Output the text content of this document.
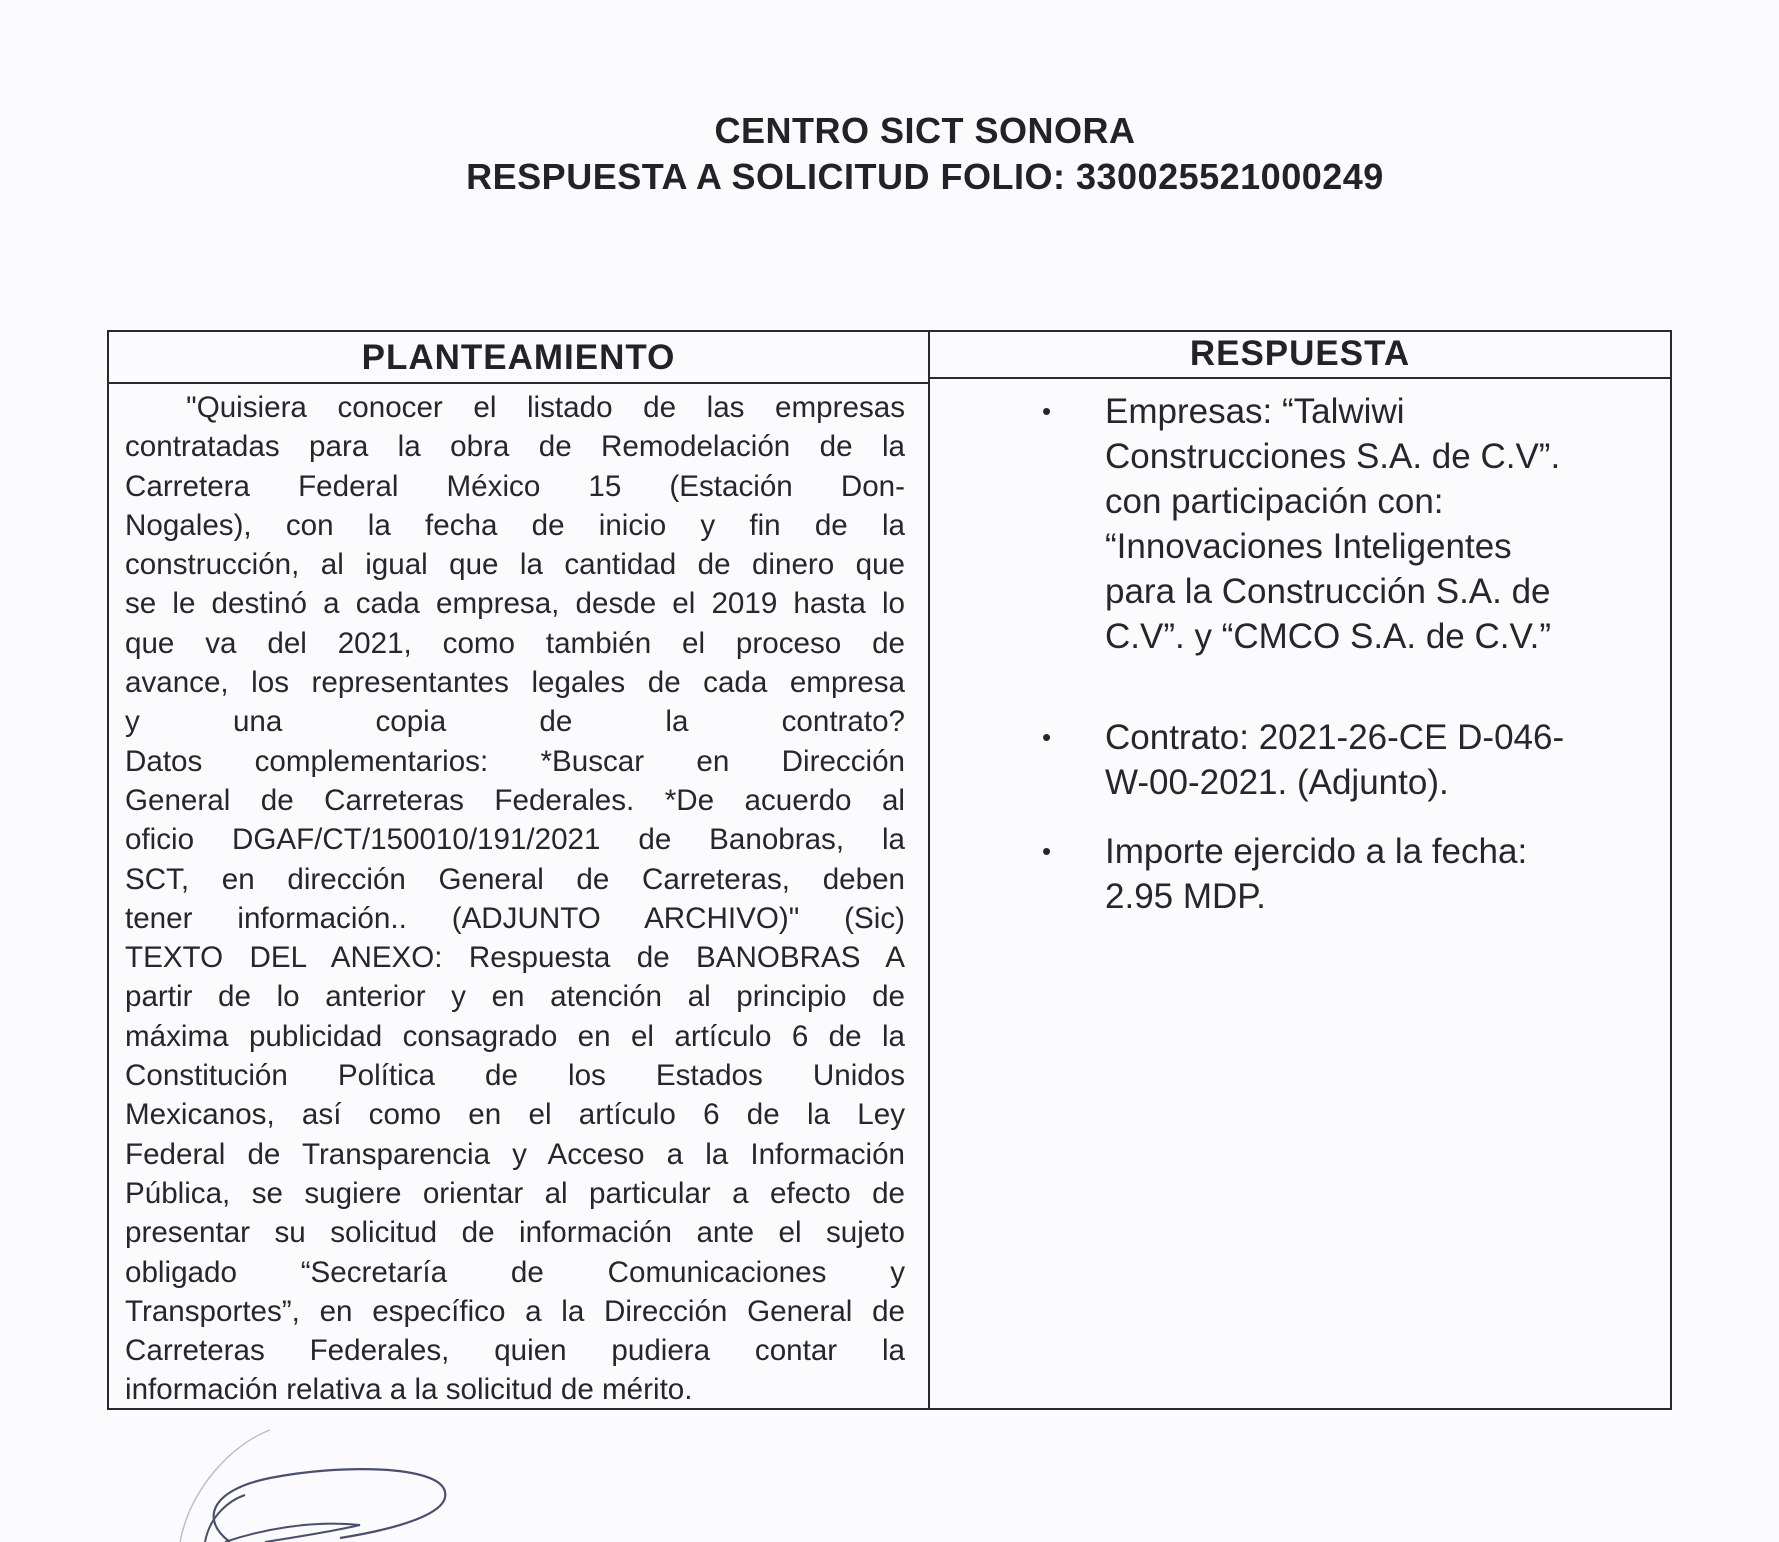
CENTRO SICT SONORA
RESPUESTA A SOLICITUD FOLIO: 330025521000249
PLANTEAMIENTO	RESPUESTA
"Quisiera conocer el listado de las empresas
contratadas para la obra de Remodelación de la
Carretera Federal México 15 (Estación Don-
Nogales), con la fecha de inicio y fin de la
construcción, al igual que la cantidad de dinero que
se le destinó a cada empresa, desde el 2019 hasta lo
que va del 2021, como también el proceso de
avance, los representantes legales de cada empresa
y una copia de la contrato?
Datos complementarios: *Buscar en Dirección
General de Carreteras Federales. *De acuerdo al
oficio DGAF/CT/150010/191/2021 de Banobras, la
SCT, en dirección General de Carreteras, deben
tener información.. (ADJUNTO ARCHIVO)" (Sic)
TEXTO DEL ANEXO: Respuesta de BANOBRAS A
partir de lo anterior y en atención al principio de
máxima publicidad consagrado en el artículo 6 de la
Constitución Política de los Estados Unidos
Mexicanos, así como en el artículo 6 de la Ley
Federal de Transparencia y Acceso a la Información
Pública, se sugiere orientar al particular a efecto de
presentar su solicitud de información ante el sujeto
obligado “Secretaría de Comunicaciones y
Transportes”, en específico a la Dirección General de
Carreteras Federales, quien pudiera contar la
información relativa a la solicitud de mérito.
• Empresas: “Talwiwi
Construcciones S.A. de C.V”.
con participación con:
“Innovaciones Inteligentes
para la Construcción S.A. de
C.V”. y “CMCO S.A. de C.V.”
• Contrato: 2021-26-CE D-046-
W-00-2021. (Adjunto).
• Importe ejercido a la fecha:
2.95 MDP.
